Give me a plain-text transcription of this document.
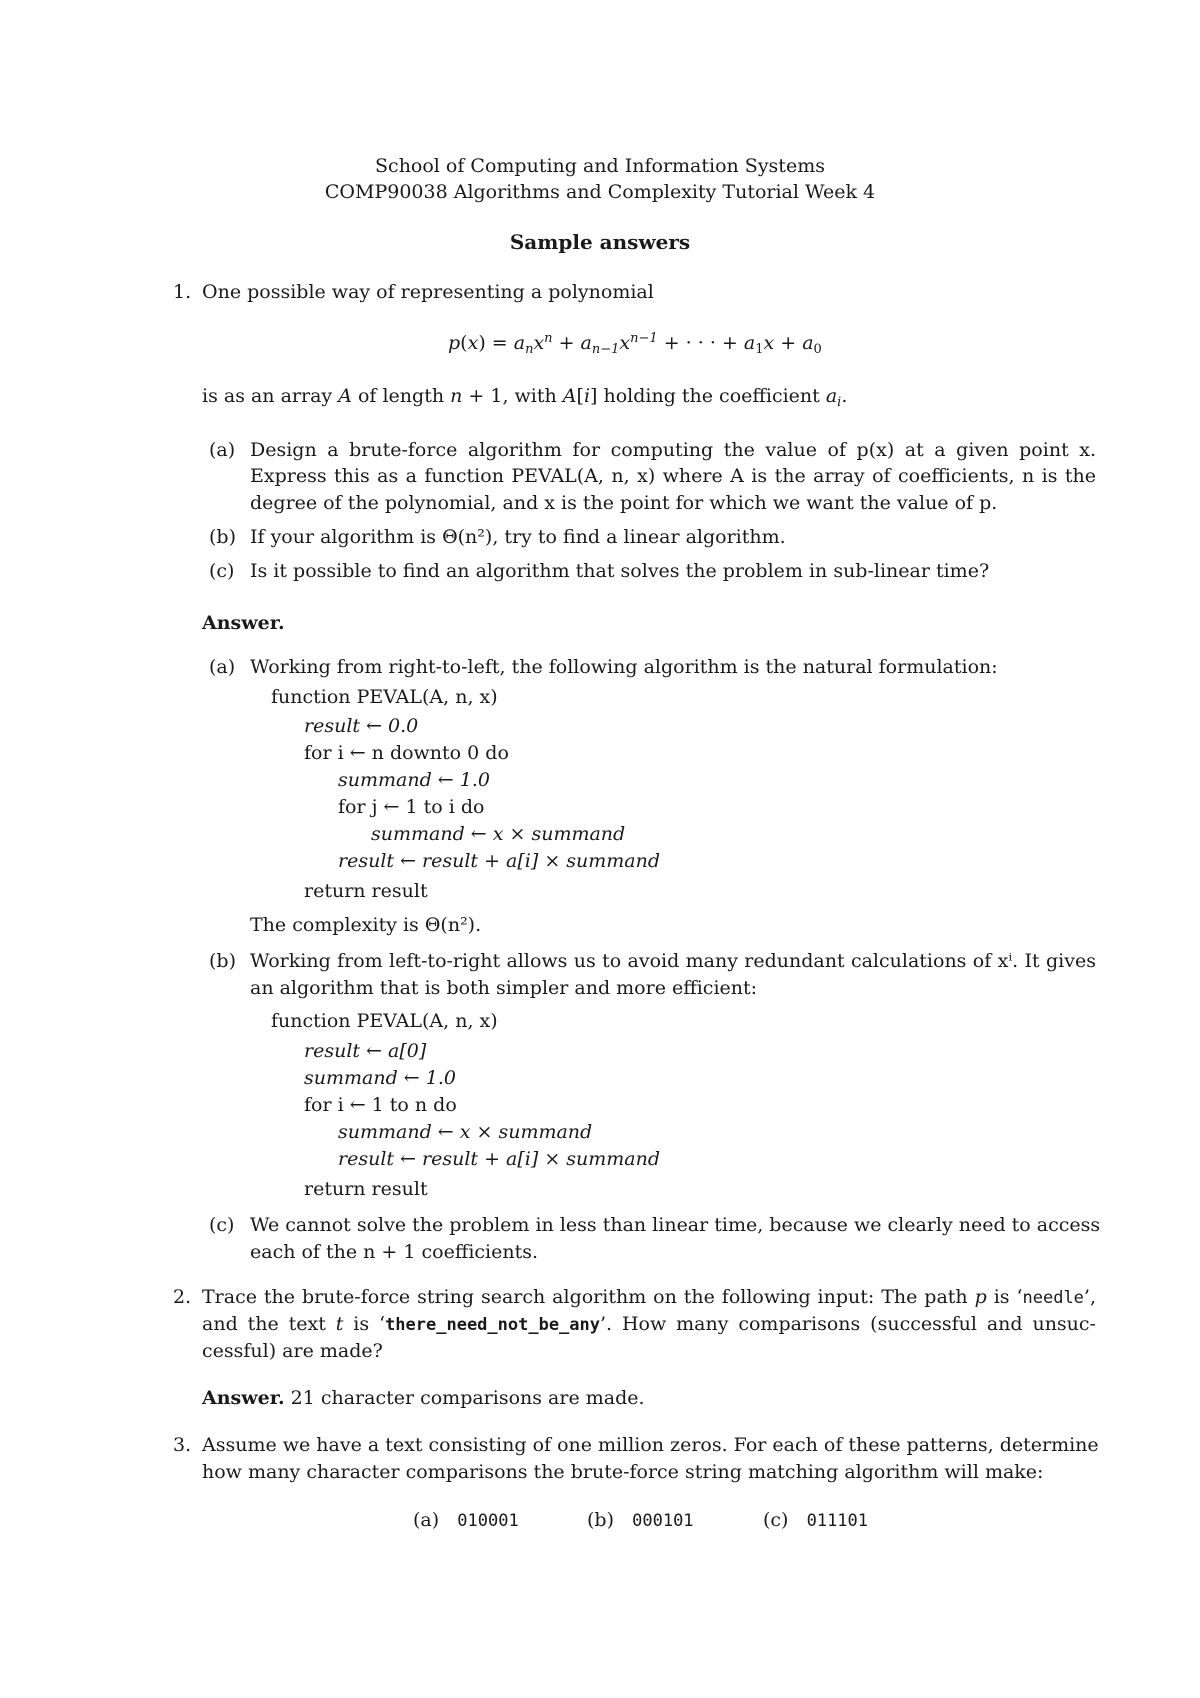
School of Computing and Information Systems
COMP90038 Algorithms and Complexity Tutorial Week 4
Sample answers
1. One possible way of representing a polynomial
$p(x) = a_nx^n + a_{n-1}x^{n-1}$ + · · · + $a_1x + a_0$
is as an array A of length n + 1, with A[i] holding the coefficient $a_i$.
(a) Design a brute-force algorithm for computing the value of p(x) at a given point x.
Express this as a function PEVAL(A, n, x) where A is the array of coefficients, n is the
degree of the polynomial, and x is the point for which we want the value of p.
(b) If your algorithm is Θ(n²), try to find a linear algorithm.
(c) Is it possible to find an algorithm that solves the problem in sub-linear time?
Answer.
(a) Working from right-to-left, the following algorithm is the natural formulation:
function PEVAL(A, n, x)
result ← 0.0
for i ← n downto 0 do
summand ← 1.0
for j ← 1 to i do
summand ← x × summand
result ← result + a[i] × summand
return result
The complexity is Θ(n²).
(b) Working from left-to-right allows us to avoid many redundant calculations of xⁱ. It gives
an algorithm that is both simpler and more efficient:
function PEVAL(A, n, x)
result ← a[0]
summand ← 1.0
for i ← 1 to n do
summand ← x × summand
result ← result + a[i] × summand
return result
(c) We cannot solve the problem in less than linear time, because we clearly need to access
each of the n + 1 coefficients.
2. Trace the brute-force string search algorithm on the following input: The path p is ‘needle’,
and the text t is ‘there_need_not_be_any’. How many comparisons (successful and unsuc-
cessful) are made?
Answer. 21 character comparisons are made.
3. Assume we have a text consisting of one million zeros. For each of these patterns, determine
how many character comparisons the brute-force string matching algorithm will make:
(a) 010001	(b) 000101	(c) 011101
